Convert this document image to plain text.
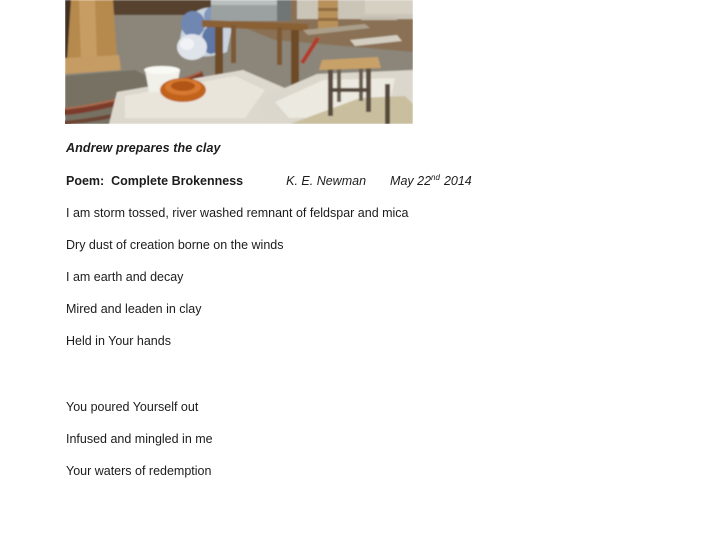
Andrew prepares the clay
Poem:  Complete Brokenness	K. E. Newman May 22nd 2014
I am storm tossed, river washed remnant of feldspar and mica
Dry dust of creation borne on the winds
I am earth and decay
Mired and leaden in clay
Held in Your hands
You poured Yourself out
Infused and mingled in me
Your waters of redemption
